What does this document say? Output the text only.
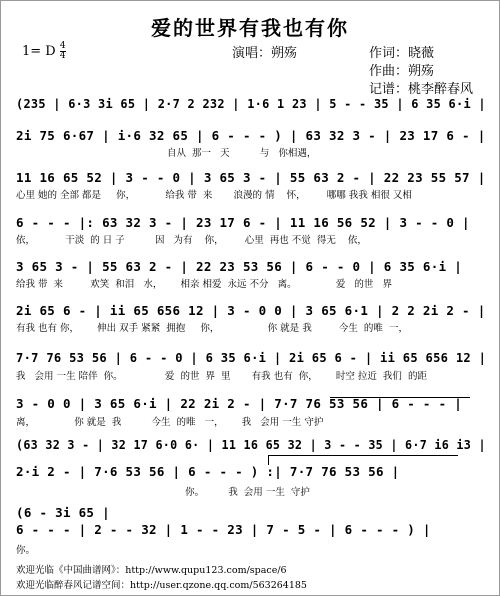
爱的世界有我也有你
1= D $\frac{4}{4}$	演唱：朔殇	作词：晓薇
作曲：朔殇
记谱：桃李醉春风
(235 | 6·3 3i 65 | 2·7 2 232 | 1·6 1 23 | 5 - - 35 | 6 35 6·i |
2i 75 6·67 | i·6 32 65 | 6 - - - ) | 63 32 3 - | 23 17 6 - |
自从  那一   天          与   你相遇，
11 16 65 52 | 3 - - 0 | 3 65 3 - | 55 63 2 - | 22 23 55 57 |
心里 她的 全部 都是     你，          给我 带  来       浪漫的 情    怀，       哪哪 我我 相很 又相
6 - - - |: 63 32 3 - | 23 17 6 - | 11 16 56 52 | 3 - - 0 |
依，          干淡  的 日 子          因   为有    你，       心里  再也 不觉  得无    依，
3 65 3 - | 55 63 2 - | 22 23 53 56 | 6 - - 0 | 6 35 6·i |
给我 带  来         欢笑  和泪   水，      相亲 相爱  永远 不分   离。             爱   的世   界
2i 65 6 - | ii 65 656 12 | 3 - 0 0 | 3 65 6·1 | 2 2 2i 2 - |
有我 也有 你，      伸出 双手 紧紧  拥抱     你，                你 就是 我         今生  的唯  一，
7·7 76 53 56 | 6 - - 0 | 6 35 6·i | 2i 65 6 - | ii 65 656 12 |
我   会用 一生 陪伴  你。              爱  的世  界  里       有我 也有  你，      时空 拉近  我们  的距
3 - 0 0 | 3 65 6·i | 22 2i 2 - | 7·7 76 53 56 | 6 - - - |
离，             你 就是  我          今生  的唯   一，      我   会用 一生 守护
(63 32 3 - | 32 17 6·0 6· | 11 16 65 32 | 3 - - 35 | 6·7 i6 i3 |
2·i 2 - | 7·6 53 56 | 6 - - - ) :| 7·7 76 53 56 |
你。        我  会用 一生  守护
(6 - 3i 65 |
6 - - - | 2 - - 32 | 1 - - 23 | 7 - 5 - | 6 - - - ) |
你。
欢迎光临《中国曲谱网》：http://www.qupu123.com/space/6
欢迎光临醉春风记谱空间：http://user.qzone.qq.com/563264185
